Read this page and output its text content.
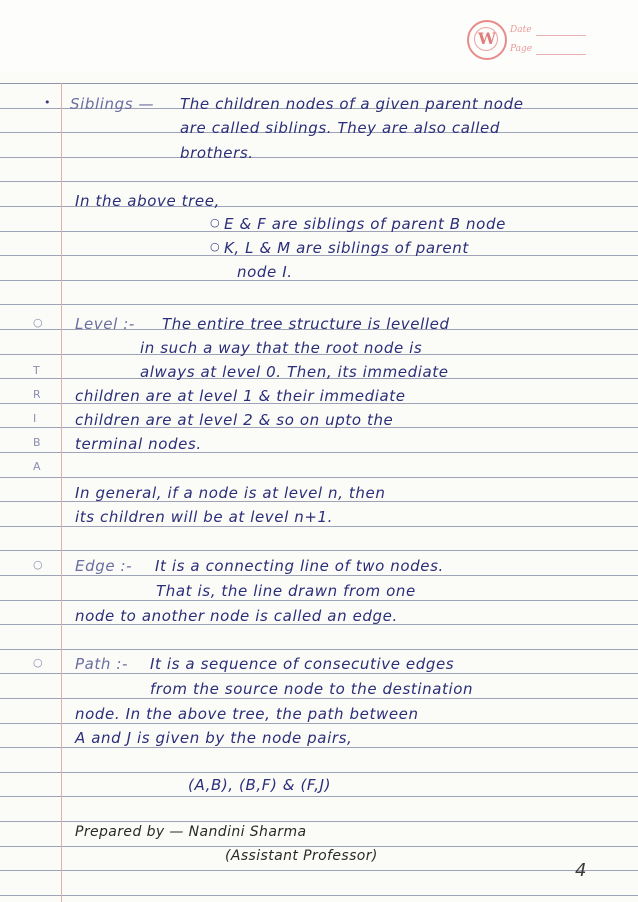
W	Date
Page
T
R
I
B
A
• Siblings — The children nodes of a given parent node
are called siblings. They are also called
brothers.
In the above tree,
○ E & F are siblings of parent B node
○ K, L & M are siblings of parent
node I.
○ Level :- The entire tree structure is levelled
in such a way that the root node is
always at level 0. Then, its immediate
children are at level 1 & their immediate
children are at level 2 & so on upto the
terminal nodes.
In general, if a node is at level n, then
its children will be at level n+1.
○ Edge :- It is a connecting line of two nodes.
That is, the line drawn from one
node to another node is called an edge.
○ Path :- It is a sequence of consecutive edges
from the source node to the destination
node. In the above tree, the path between
A and J is given by the node pairs,
(A,B), (B,F) & (F,J)
Prepared by — Nandini Sharma
(Assistant Professor)
4
